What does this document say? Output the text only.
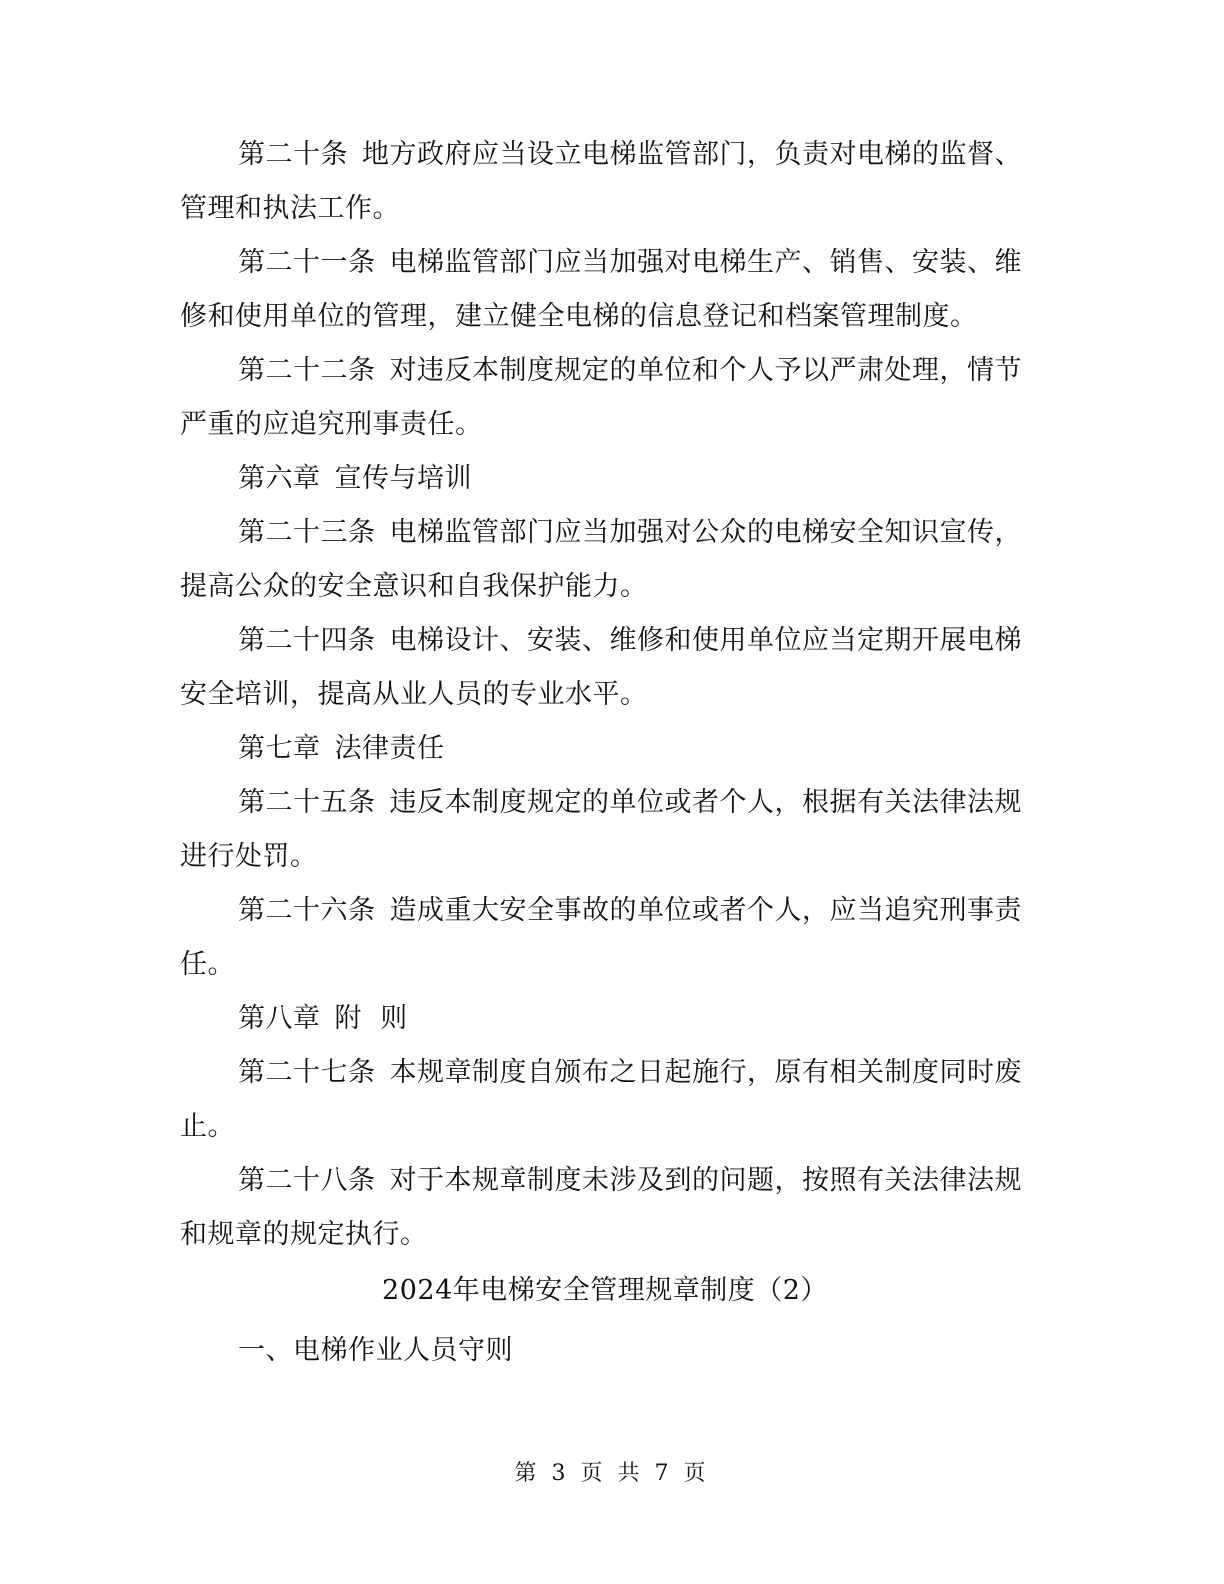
第二十条 地方政府应当设立电梯监管部门，负责对电梯的监督、管理和执法工作。

第二十一条 电梯监管部门应当加强对电梯生产、销售、安装、维修和使用单位的管理，建立健全电梯的信息登记和档案管理制度。

第二十二条 对违反本制度规定的单位和个人予以严肃处理，情节严重的应追究刑事责任。

第六章 宣传与培训

第二十三条 电梯监管部门应当加强对公众的电梯安全知识宣传，提高公众的安全意识和自我保护能力。

第二十四条 电梯设计、安装、维修和使用单位应当定期开展电梯安全培训，提高从业人员的专业水平。

第七章 法律责任

第二十五条 违反本制度规定的单位或者个人，根据有关法律法规进行处罚。

第二十六条 造成重大安全事故的单位或者个人，应当追究刑事责任。

第八章 附  则

第二十七条 本规章制度自颁布之日起施行，原有相关制度同时废止。

第二十八条 对于本规章制度未涉及到的问题，按照有关法律法规和规章的规定执行。

2024年电梯安全管理规章制度（2）

一、电梯作业人员守则

第 3 页 共 7 页
